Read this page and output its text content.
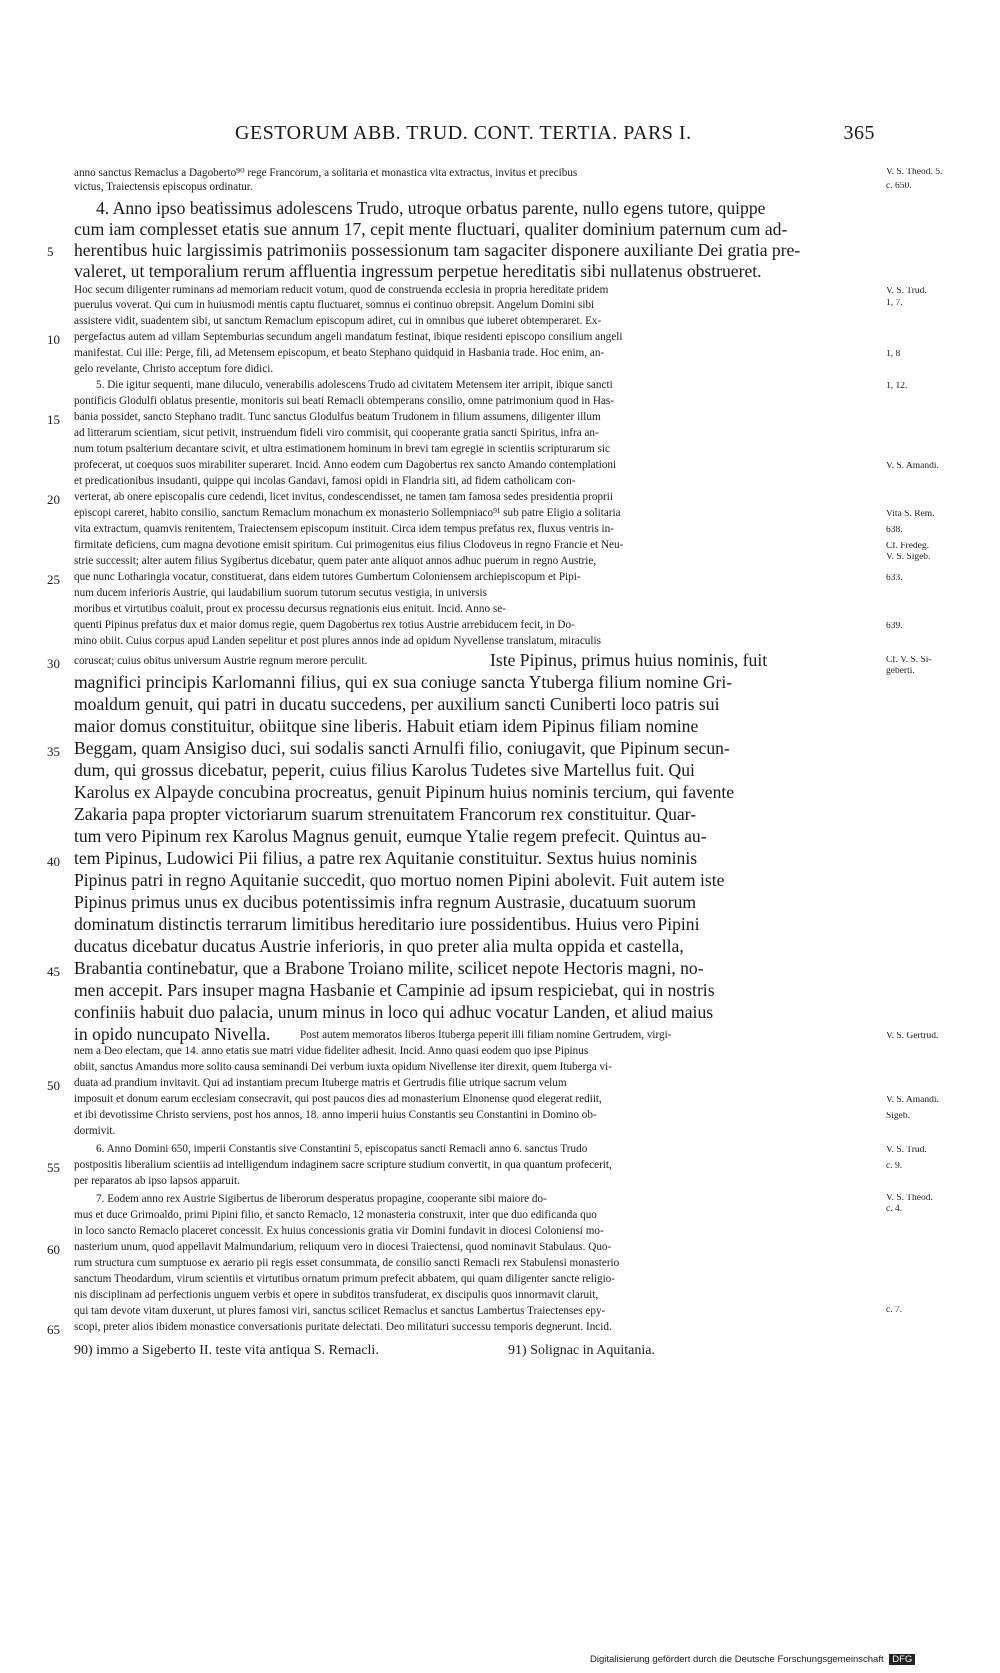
GESTORUM ABB. TRUD. CONT. TERTIA. PARS I.	365
anno sanctus Remaclus a Dagoberto⁹⁰ rege Francorum, a solitaria et monastica vita extractus, invitus et precibus
victus, Traiectensis episcopus ordinatur.
4. Anno ipso beatissimus adolescens Trudo, utroque orbatus parente, nullo egens tutore, quippe
cum iam complesset etatis sue annum 17, cepit mente fluctuari, qualiter dominium paternum cum ad-
herentibus huic largissimis patrimoniis possessionum tam sagaciter disponere auxiliante Dei gratia pre-
valeret, ut temporalium rerum affluentia ingressum perpetue hereditatis sibi nullatenus obstrueret.
Hoc secum diligenter ruminans ad memoriam reducit votum, quod de construenda ecclesia in propria hereditate pridem
puerulus voverat. Qui cum in huiusmodi mentis captu fluctuaret, somnus ei continuo obrepsit. Angelum Domini sibi
assistere vidit, suadentem sibi, ut sanctum Remaclum episcopum adiret, cui in omnibus que iuberet obtemperaret. Ex-
pergefactus autem ad villam Septemburias secundum angeli mandatum festinat, ibique residenti episcopo consilium angeli
manifestat. Cui ille: Perge, fili, ad Metensem episcopum, et beato Stephano quidquid in Hasbania trade. Hoc enim, an-
gelo revelante, Christo acceptum fore didici.
5. Die igitur sequenti, mane diluculo, venerabilis adolescens Trudo ad civitatem Metensem iter arripit, ibique sancti
pontificis Glodulfi oblatus presentie, monitoris sui beati Remacli obtemperans consilio, omne patrimonium quod in Has-
bania possidet, sancto Stephano tradit. Tunc sanctus Glodulfus beatum Trudonem in filium assumens, diligenter illum
ad litterarum scientiam, sicut petivit, instruendum fideli viro commisit, qui cooperante gratia sancti Spiritus, infra an-
num totum psalterium decantare scivit, et ultra estimationem hominum in brevi tam egregie in scientiis scripturarum sic
profecerat, ut coequos suos mirabiliter superaret. Incid. Anno eodem cum Dagobertus rex sancto Amando contemplationi
et predicationibus insudanti, quippe qui incolas Gandavi, famosi opidi in Flandria siti, ad fidem catholicam con-
verterat, ab onere episcopalis cure cedendi, licet invitus, condescendisset, ne tamen tam famosa sedes presidentia proprii
episcopi careret, habito consilio, sanctum Remaclum monachum ex monasterio Sollempniaco⁹¹ sub patre Eligio a solitaria
vita extractum, quamvis renitentem, Traiectensem episcopum instituit. Circa idem tempus prefatus rex, fluxus ventris in-
firmitate deficiens, cum magna devotione emisit spiritum. Cui primogenitus eius filius Clodoveus in regno Francie et Neu-
strie successit; alter autem filius Sygibertus dicebatur, quem pater ante aliquot annos adhuc puerum in regno Austrie,
que nunc Lotharingia vocatur, constituerat, dans eidem tutores Gumbertum Coloniensem archiepiscopum et Pipi-
num ducem inferioris Austrie, qui laudabilium suorum tutorum secutus vestigia, in universis
moribus et virtutibus coaluit, prout ex processu decursus regnationis eius enituit. Incid. Anno se-
quenti Pipinus prefatus dux et maior domus regie, quem Dagobertus rex totius Austrie arrebiducem fecit, in Do-
mino obiit. Cuius corpus apud Landen sepelitur et post plures annos inde ad opidum Nyvellense translatum, miraculis
coruscat; cuius obitus universum Austrie regnum merore perculit.	Iste Pipinus, primus huius nominis, fuit
magnifici principis Karlomanni filius, qui ex sua coniuge sancta Ytuberga filium nomine Gri-
moaldum genuit, qui patri in ducatu succedens, per auxilium sancti Cuniberti loco patris sui
maior domus constituitur, obiitque sine liberis. Habuit etiam idem Pipinus filiam nomine
Beggam, quam Ansigiso duci, sui sodalis sancti Arnulfi filio, coniugavit, que Pipinum secun-
dum, qui grossus dicebatur, peperit, cuius filius Karolus Tudetes sive Martellus fuit. Qui
Karolus ex Alpayde concubina procreatus, genuit Pipinum huius nominis tercium, qui favente
Zakaria papa propter victoriarum suarum strenuitatem Francorum rex constituitur. Quar-
tum vero Pipinum rex Karolus Magnus genuit, eumque Ytalie regem prefecit. Quintus au-
tem Pipinus, Ludowici Pii filius, a patre rex Aquitanie constituitur. Sextus huius nominis
Pipinus patri in regno Aquitanie succedit, quo mortuo nomen Pipini abolevit. Fuit autem iste
Pipinus primus unus ex ducibus potentissimis infra regnum Austrasie, ducatuum suorum
dominatum distinctis terrarum limitibus hereditario iure possidentibus. Huius vero Pipini
ducatus dicebatur ducatus Austrie inferioris, in quo preter alia multa oppida et castella,
Brabantia continebatur, que a Brabone Troiano milite, scilicet nepote Hectoris magni, no-
men accepit. Pars insuper magna Hasbanie et Campinie ad ipsum respiciebat, qui in nostris
confiniis habuit duo palacia, unum minus in loco qui adhuc vocatur Landen, et aliud maius
in opido nuncupato Nivella.	Post autem memoratos liberos Ituberga peperit illi filiam nomine Gertrudem, virgi-
nem a Deo electam, que 14. anno etatis sue matri vidue fideliter adhesit. Incid. Anno quasi eodem quo ipse Pipinus
obiit, sanctus Amandus more solito causa seminandi Dei verbum iuxta opidum Nivellense iter direxit, quem Ituberga vi-
duata ad prandium invitavit. Qui ad instantiam precum Ituberge matris et Gertrudis filie utrique sacrum velum
imposuit et donum earum ecclesiam consecravit, qui post paucos dies ad monasterium Elnonense quod elegerat rediit,
et ibi devotissime Christo serviens, post hos annos, 18. anno imperii huius Constantis seu Constantini in Domino ob-
dormivit.
6. Anno Domini 650, imperii Constantis sive Constantini 5, episcopatus sancti Remacli anno 6. sanctus Trudo
postpositis liberalium scientiis ad intelligendum indaginem sacre scripture studium convertit, in qua quantum profecerit,
per reparatos ab ipso lapsos apparuit.
7. Eodem anno rex Austrie Sigibertus de liberorum desperatus propagine, cooperante sibi maiore do-
mus et duce Grimoaldo, primi Pipini filio, et sancto Remaclo, 12 monasteria construxit, inter que duo edificanda quo
in loco sancto Remaclo placeret concessit. Ex huius concessionis gratia vir Domini fundavit in diocesi Coloniensi mo-
nasterium unum, quod appellavit Malmundarium, reliquum vero in diocesi Traiectensi, quod nominavit Stabulaus. Quo-
rum structura cum sumptuose ex aerario pii regis esset consummata, de consilio sancti Remacli rex Stabulensi monasterio
sanctum Theodardum, virum scientiis et virtutibus ornatum primum prefecit abbatem, qui quam diligenter sancte religio-
nis disciplinam ad perfectionis unguem verbis et opere in subditos transfuderat, ex discipulis quos innormavit claruit,
qui tam devote vitam duxerunt, ut plures famosi viri, sanctus scilicet Remaclus et sanctus Lambertus Traiectenses epy-
scopi, preter alios ibidem monastice conversationis puritate delectati. Deo militaturi successu temporis degnerunt. Incid.
5
10
15
20
25
30
35
40
45
50
55
60
65
V. S. Theod. 5.
c. 650.
V. S. Trud.
1, 7.
1, 8
1, 12.
V. S. Amandi.
Vita S. Rem.
638.
Cf. Fredeg.
V. S. Sigeb.
633.
639.
Cf. V. S. Si-
geberti.
V. S. Gertrud.
V. S. Amandi.
Sigeb.
V. S. Trud.
c. 9.
V. S. Theod.
c. 4.
c. 7.
90) immo a Sigeberto II. teste vita antiqua S. Remacli.	91) Solignac in Aquitania.
Digitalisierung gefördert durch die Deutsche Forschungsgemeinschaft DFG
